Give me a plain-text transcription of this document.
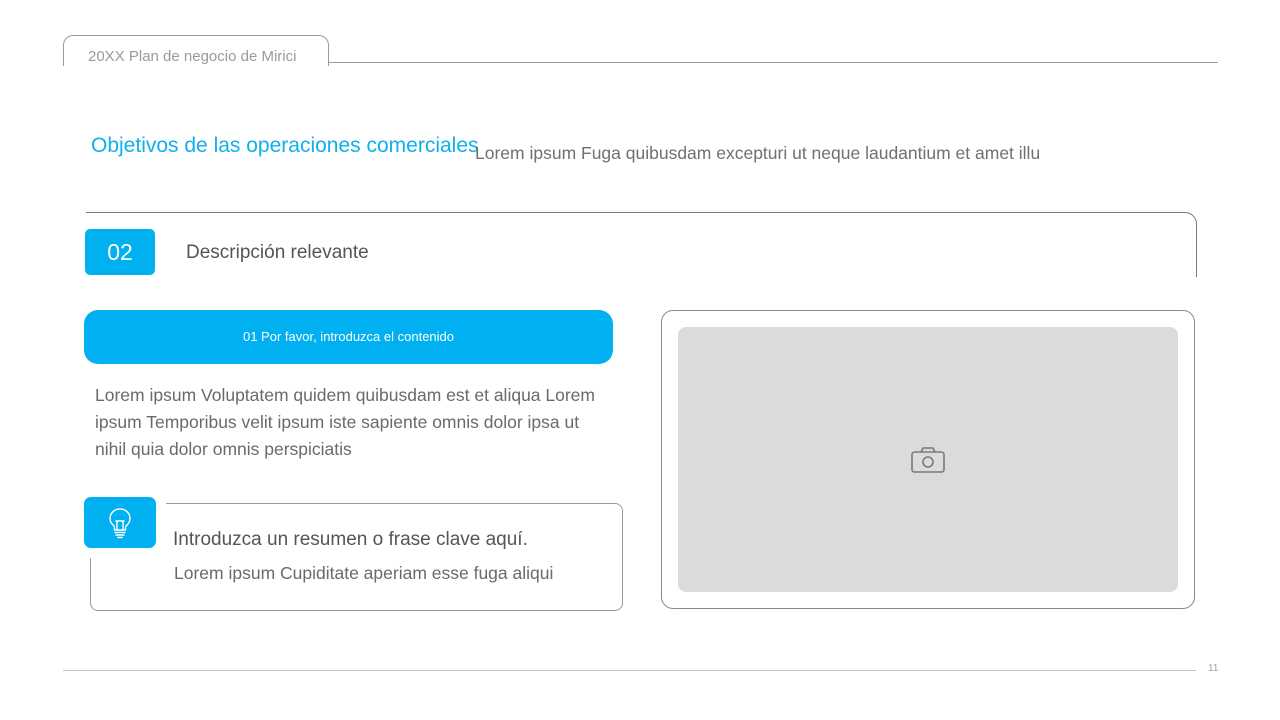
20XX Plan de negocio de Mirici
Objetivos de las operaciones comerciales
Lorem ipsum Fuga quibusdam excepturi ut neque laudantium et amet illu
02	Descripción relevante
01 Por favor, introduzca el contenido
Lorem ipsum Voluptatem quidem quibusdam est et aliqua Lorem ipsum Temporibus velit ipsum iste sapiente omnis dolor ipsa ut nihil quia dolor omnis perspiciatis
Introduzca un resumen o frase clave aquí.
Lorem ipsum Cupiditate aperiam esse fuga aliqui
11
